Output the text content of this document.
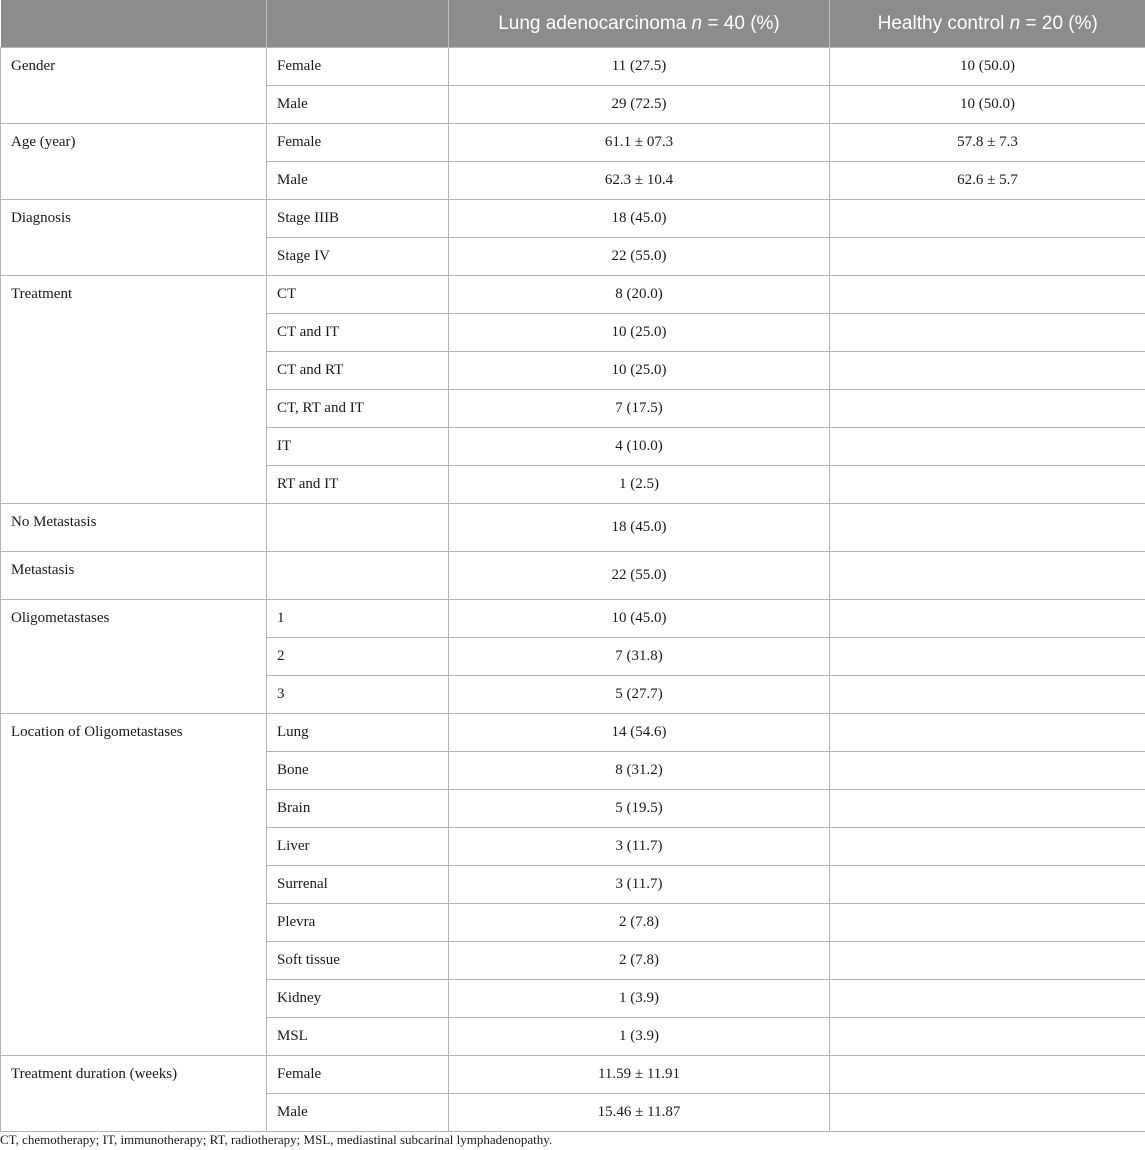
		Lung adenocarcinoma n = 40 (%)	Healthy control n = 20 (%)
Gender	Female	11 (27.5)	10 (50.0)
	Male	29 (72.5)	10 (50.0)
Age (year)	Female	61.1 ± 07.3	57.8 ± 7.3
	Male	62.3 ± 10.4	62.6 ± 5.7
Diagnosis	Stage IIIB	18 (45.0)	
	Stage IV	22 (55.0)	
Treatment	CT	8 (20.0)	
	CT and IT	10 (25.0)	
	CT and RT	10 (25.0)	
	CT, RT and IT	7 (17.5)	
	IT	4 (10.0)	
	RT and IT	1 (2.5)	
No Metastasis		18 (45.0)	
Metastasis		22 (55.0)	
Oligometastases	1	10 (45.0)	
	2	7 (31.8)	
	3	5 (27.7)	
Location of Oligometastases	Lung	14 (54.6)	
	Bone	8 (31.2)	
	Brain	5 (19.5)	
	Liver	3 (11.7)	
	Surrenal	3 (11.7)	
	Plevra	2 (7.8)	
	Soft tissue	2 (7.8)	
	Kidney	1 (3.9)	
	MSL	1 (3.9)	
Treatment duration (weeks)	Female	11.59 ± 11.91	
	Male	15.46 ± 11.87	
CT, chemotherapy; IT, immunotherapy; RT, radiotherapy; MSL, mediastinal subcarinal lymphadenopathy.
